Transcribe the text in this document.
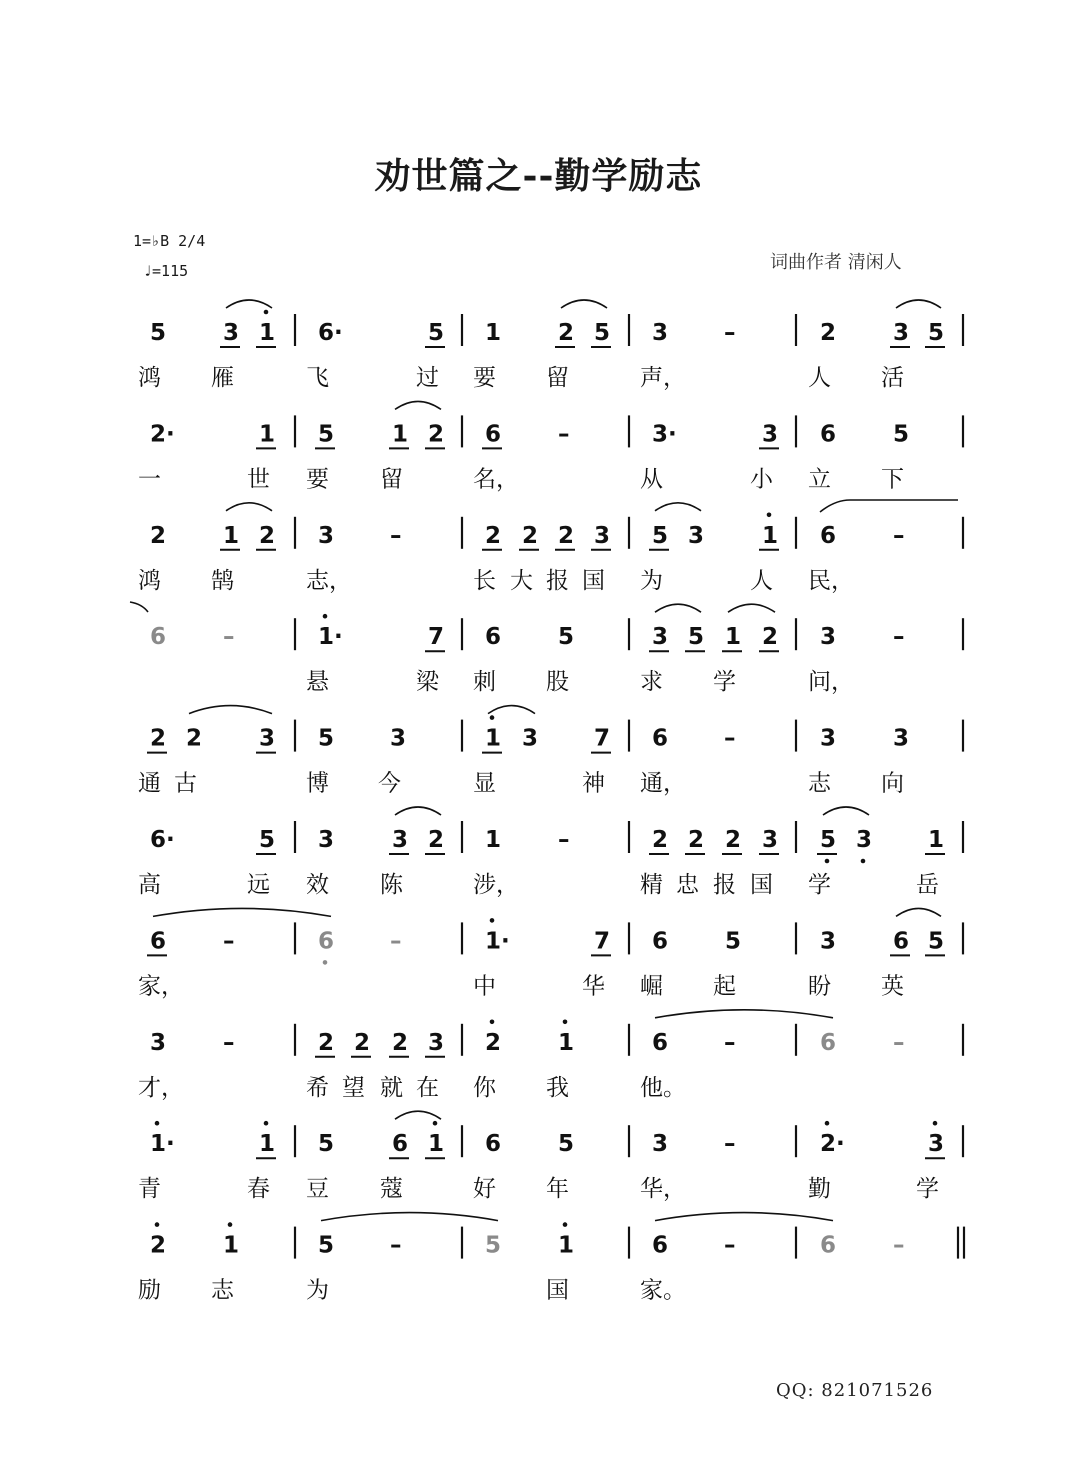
劝世篇之--勤学励志
1=♭B 2/4
♩=115	词曲作者 清闲人
QQ: 821071526
5 3 1 6·	5 1 2 5 3 –	2 3 5
鸿 雁	飞	过 要 留	声，	人 活
2·	1 5	1 2 6 –	3·	3 6 5
一	世 要 留	名，	从	小 立 下
2 1 2 3 –	2 2 2 3 5 3	1 6 –
鸿 鹄	志，	长 大 报 国 为	人 民，
6 –	1·	7 6 5	3 5 1 2 3 –
悬	梁 刺 股	求 学	问，
2 2 3 5 3	1 3 7 6 –	3 3
通 古	博 今	显	神 通，	志 向
6·	5 3	3 2 1 –	2 2 2 3 5 3 1
高	远 效 陈	涉，	精 忠 报 国 学	岳
6 –	6 –	1·	7 6 5	3 6 5
家，	中	华 崛 起	盼 英
3 –	2 2 2 3 2 1	6 –	6 –
才，	希 望 就 在 你 我	他。
1·	1 5	6 1 6 5	3 –	2·	3
青	春 豆 蔻	好 年	华，	勤	学
2 1	5 –	5 1	6 –	6 –
励 志	为	国	家。
